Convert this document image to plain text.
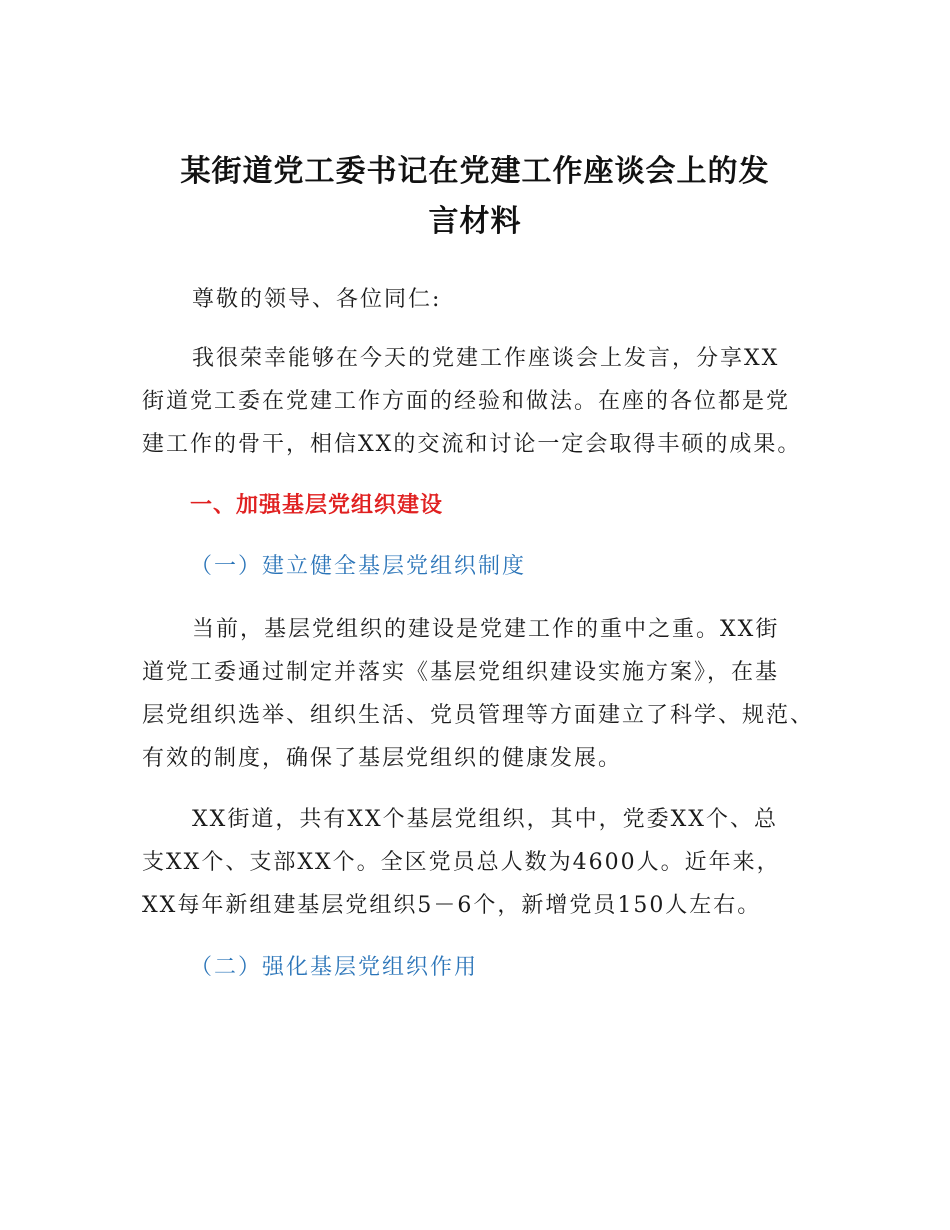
某街道党工委书记在党建工作座谈会上的发
言材料
尊敬的领导、各位同仁:
我很荣幸能够在今天的党建工作座谈会上发言，分享XX
街道党工委在党建工作方面的经验和做法。在座的各位都是党
建工作的骨干，相信XX的交流和讨论一定会取得丰硕的成果。
一、加强基层党组织建设
（一）建立健全基层党组织制度
当前，基层党组织的建设是党建工作的重中之重。XX街
道党工委通过制定并落实《基层党组织建设实施方案》，在基
层党组织选举、组织生活、党员管理等方面建立了科学、规范、
有效的制度，确保了基层党组织的健康发展。
XX街道，共有XX个基层党组织，其中，党委XX个、总
支XX个、支部XX个。全区党员总人数为4600人。近年来，
XX每年新组建基层党组织5－6个，新增党员150人左右。
（二）强化基层党组织作用
